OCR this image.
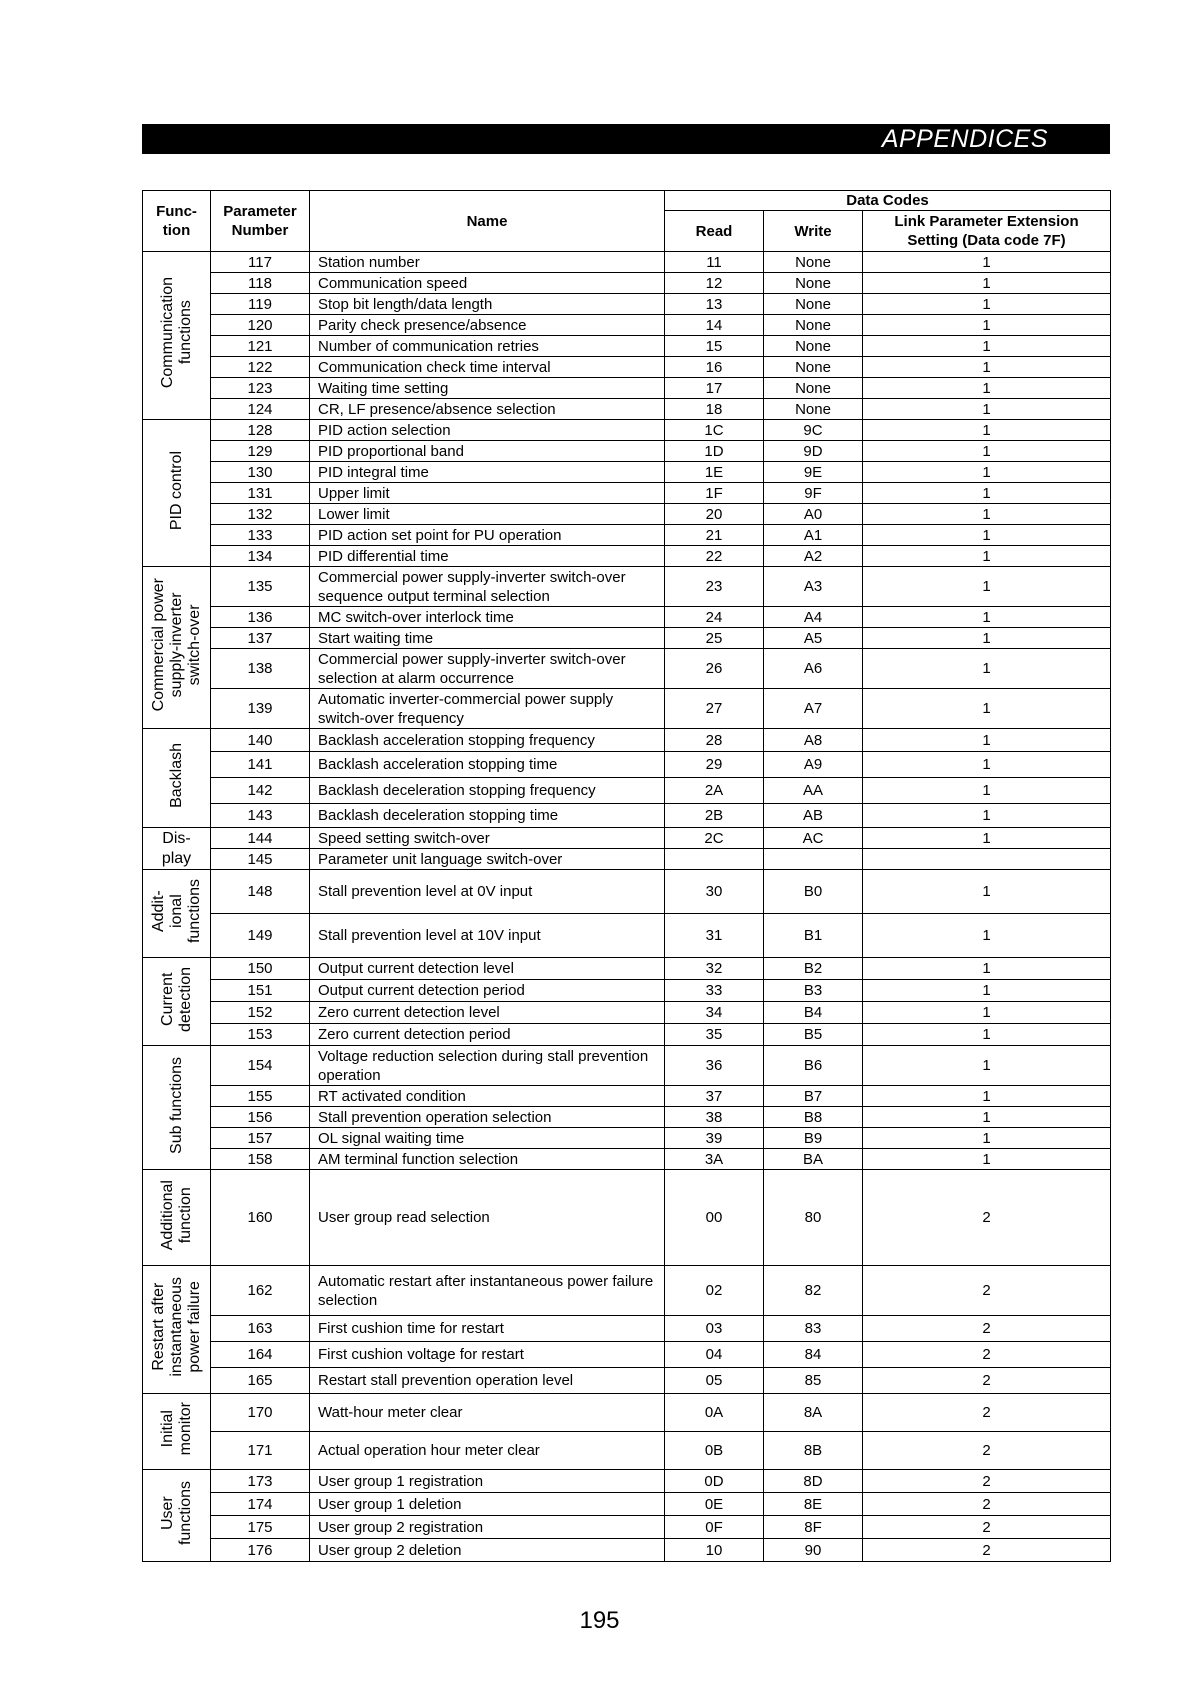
APPENDICES
Func-
tion	Parameter
Number	Name	Data Codes		
			Read	Write	Link Parameter Extension
Setting (Data code 7F)
Communication
functions	117	Station number	11	None	1
	118	Communication speed	12	None	1
	119	Stop bit length/data length	13	None	1
	120	Parity check presence/absence	14	None	1
	121	Number of communication retries	15	None	1
	122	Communication check time interval	16	None	1
	123	Waiting time setting	17	None	1
	124	CR, LF presence/absence selection	18	None	1
PID control	128	PID action selection	1C	9C	1
	129	PID proportional band	1D	9D	1
	130	PID integral time	1E	9E	1
	131	Upper limit	1F	9F	1
	132	Lower limit	20	A0	1
	133	PID action set point for PU operation	21	A1	1
	134	PID differential time	22	A2	1
Commercial power
supply-inverter
switch-over	135	Commercial power supply-inverter switch-over sequence output terminal selection	23	A3	1
	136	MC switch-over interlock time	24	A4	1
	137	Start waiting time	25	A5	1
	138	Commercial power supply-inverter switch-over selection at alarm occurrence	26	A6	1
	139	Automatic inverter-commercial power supply switch-over frequency	27	A7	1
Backlash	140	Backlash acceleration stopping frequency	28	A8	1
	141	Backlash acceleration stopping time	29	A9	1
	142	Backlash deceleration stopping frequency	2A	AA	1
	143	Backlash deceleration stopping time	2B	AB	1
Dis-
play	144	Speed setting switch-over	2C	AC	1
	145	Parameter unit language switch-over			
Addit-
ional
functions	148	Stall prevention level at 0V input	30	B0	1
	149	Stall prevention level at 10V input	31	B1	1
Current
detection	150	Output current detection level	32	B2	1
	151	Output current detection period	33	B3	1
	152	Zero current detection level	34	B4	1
	153	Zero current detection period	35	B5	1
Sub functions	154	Voltage reduction selection during stall prevention operation	36	B6	1
	155	RT activated condition	37	B7	1
	156	Stall prevention operation selection	38	B8	1
	157	OL signal waiting time	39	B9	1
	158	AM terminal function selection	3A	BA	1
Additional
function	160	User group read selection	00	80	2
Restart after
instantaneous
power failure	162	Automatic restart after instantaneous power failure selection	02	82	2
	163	First cushion time for restart	03	83	2
	164	First cushion voltage for restart	04	84	2
	165	Restart stall prevention operation level	05	85	2
Initial
monitor	170	Watt-hour meter clear	0A	8A	2
	171	Actual operation hour meter clear	0B	8B	2
User
functions	173	User group 1 registration	0D	8D	2
	174	User group 1 deletion	0E	8E	2
	175	User group 2 registration	0F	8F	2
	176	User group 2 deletion	10	90	2
195
